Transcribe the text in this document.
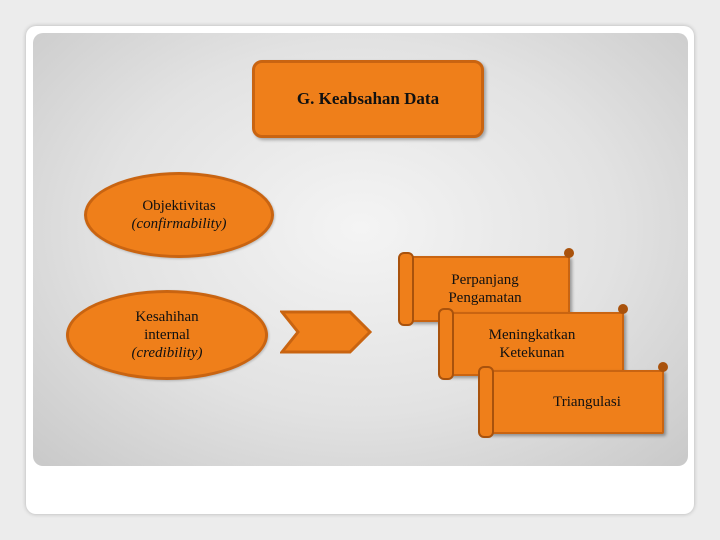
G. Keabsahan Data
Objektivitas
(confirmability)
Kesahihan
internal
(credibility)
Perpanjang
Pengamatan
Meningkatkan
Ketekunan
Triangulasi
